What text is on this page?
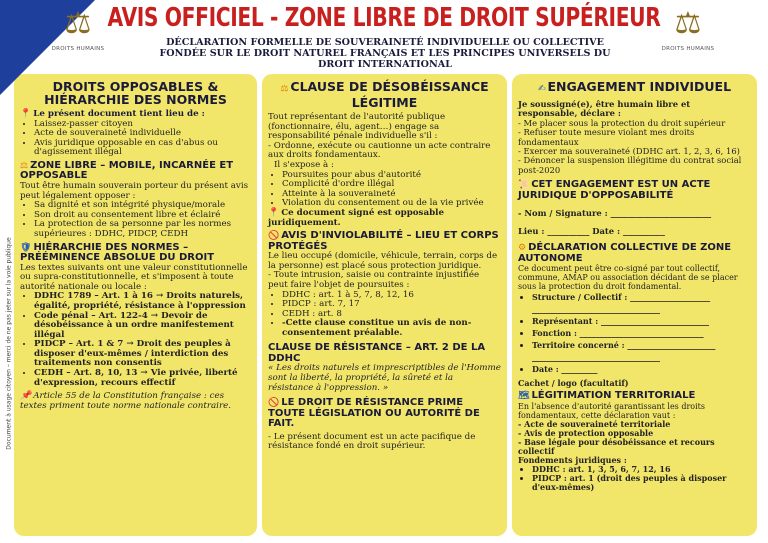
⚖
DROITS HUMAINS
⚖
DROITS HUMAINS
AVIS OFFICIEL - ZONE LIBRE DE DROIT SUPÉRIEUR
DÉCLARATION FORMELLE DE SOUVERAINETÉ INDIVIDUELLE OU COLLECTIVE FONDÉE SUR LE DROIT NATUREL FRANÇAIS ET LES PRINCIPES UNIVERSELS DU DROIT INTERNATIONAL
Document à usage citoyen – merci de ne pas jeter sur la voie publique
DROITS OPPOSABLES & HIÉRARCHIE DES NORMES
📍 Le présent document tient lieu de :
• Laissez-passer citoyen
• Acte de souveraineté individuelle
• Avis juridique opposable en cas d'abus ou d'agissement illégal
⚖ ZONE LIBRE – MOBILE, INCARNÉE ET OPPOSABLE
Tout être humain souverain porteur du présent avis peut légalement opposer :
• Sa dignité et son intégrité physique/morale
• Son droit au consentement libre et éclairé
• La protection de sa personne par les normes supérieures : DDHC, PIDCP, CEDH
🛡 HIÉRARCHIE DES NORMES – PRÉÉMINENCE ABSOLUE DU DROIT
Les textes suivants ont une valeur constitutionnelle ou supra-constitutionnelle, et s'imposent à toute autorité nationale ou locale :
• DDHC 1789 – Art. 1 à 16 → Droits naturels, égalité, propriété, résistance à l'oppression
• Code pénal – Art. 122-4 → Devoir de désobéissance à un ordre manifestement illégal
• PIDCP – Art. 1 & 7 → Droit des peuples à disposer d'eux-mêmes / interdiction des traitements non consentis
• CEDH – Art. 8, 10, 13 → Vie privée, liberté d'expression, recours effectif
📌 Article 55 de la Constitution française : ces textes priment toute norme nationale contraire.
⚖ CLAUSE DE DÉSOBÉISSANCE LÉGITIME
Tout représentant de l'autorité publique (fonctionnaire, élu, agent…) engage sa responsabilité pénale individuelle s'il :
- Ordonne, exécute ou cautionne un acte contraire aux droits fondamentaux.
Il s'expose à :
• Poursuites pour abus d'autorité
• Complicité d'ordre illégal
• Atteinte à la souveraineté
• Violation du consentement ou de la vie privée
📍 Ce document signé est opposable juridiquement.
🚫 AVIS D'INVIOLABILITÉ – LIEU ET CORPS PROTÉGÉS
Le lieu occupé (domicile, véhicule, terrain, corps de la personne) est placé sous protection juridique.
- Toute intrusion, saisie ou contrainte injustifiée peut faire l'objet de poursuites :
• DDHC : art. 1 à 5, 7, 8, 12, 16
• PIDCP : art. 7, 17
• CEDH : art. 8
• -Cette clause constitue un avis de non-consentement préalable.
CLAUSE DE RÉSISTANCE – ART. 2 DE LA DDHC
« Les droits naturels et imprescriptibles de l'Homme sont la liberté, la propriété, la sûreté et la résistance à l'oppression. »
🚫 LE DROIT DE RÉSISTANCE PRIME TOUTE LÉGISLATION OU AUTORITÉ DE FAIT.
- Le présent document est un acte pacifique de résistance fondé en droit supérieur.
✍ ENGAGEMENT INDIVIDUEL
Je soussigné(e), être humain libre et responsable, déclare :
- Me placer sous la protection du droit supérieur
- Refuser toute mesure violant mes droits fondamentaux
- Exercer ma souveraineté (DDHC art. 1, 2, 3, 6, 16)
- Dénoncer la suspension illégitime du contrat social post-2020
📜 CET ENGAGEMENT EST UN ACTE JURIDIQUE D'OPPOSABILITÉ
- Nom / Signature : ________________________
Lieu : __________ Date : __________
⚙ DÉCLARATION COLLECTIVE DE ZONE AUTONOME
Ce document peut être co-signé par tout collectif, commune, AMAP ou association décidant de se placer sous la protection du droit fondamental.
• Structure / Collectif : ____________________ ________________________________
• Représentant : ___________________________
• Fonction : _______________________________
• Territoire concerné : ______________________ ________________________________
• Date : _________
Cachet / logo (facultatif)
🗺 LÉGITIMATION TERRITORIALE
En l'absence d'autorité garantissant les droits fondamentaux, cette déclaration vaut :
- Acte de souveraineté territoriale
- Avis de protection opposable
- Base légale pour désobéissance et recours collectif
Fondements juridiques :
• DDHC : art. 1, 3, 5, 6, 7, 12, 16
• PIDCP : art. 1 (droit des peuples à disposer d'eux-mêmes)
